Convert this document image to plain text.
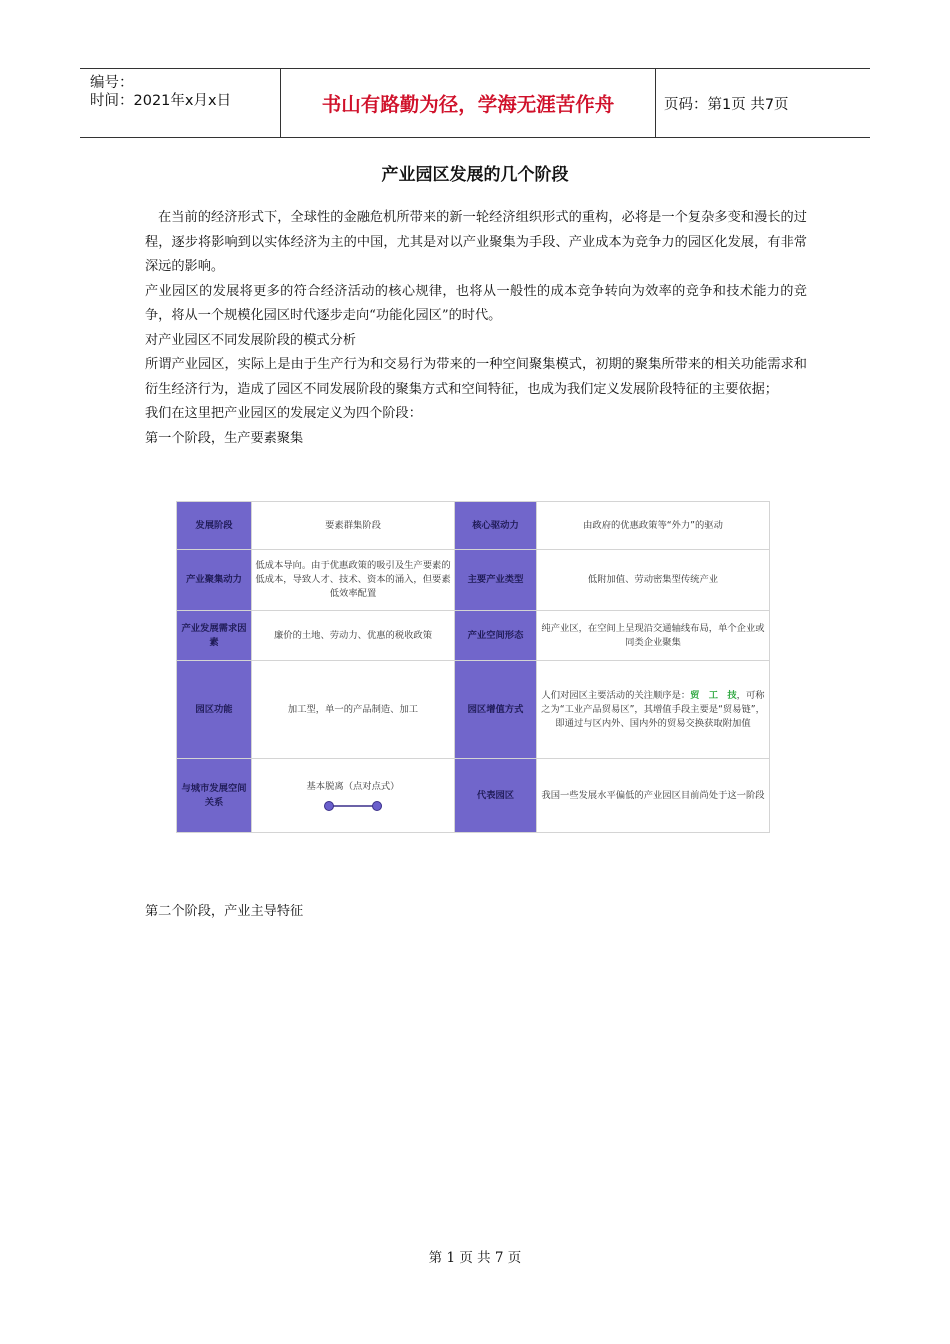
编号：
时间：2021年x月x日	书山有路勤为径，学海无涯苦作舟	页码：第1页 共7页
产业园区发展的几个阶段

在当前的经济形式下，全球性的金融危机所带来的新一轮经济组织形式的重构，必将是一个复杂多变和漫长的过程，逐步将影响到以实体经济为主的中国，尤其是对以产业聚集为手段、产业成本为竞争力的园区化发展，有非常深远的影响。

产业园区的发展将更多的符合经济活动的核心规律，也将从一般性的成本竞争转向为效率的竞争和技术能力的竞争，将从一个规模化园区时代逐步走向“功能化园区”的时代。

对产业园区不同发展阶段的模式分析

所谓产业园区，实际上是由于生产行为和交易行为带来的一种空间聚集模式，初期的聚集所带来的相关功能需求和衍生经济行为，造成了园区不同发展阶段的聚集方式和空间特征，也成为我们定义发展阶段特征的主要依据；

我们在这里把产业园区的发展定义为四个阶段：

第一个阶段，生产要素聚集

发展阶段	要素群集阶段	核心驱动力	由政府的优惠政策等“外力”的驱动
产业聚集动力	低成本导向。由于优惠政策的吸引及生产要素的低成本，导致人才、技术、资本的涌入，但要素低效率配置	主要产业类型	低附加值、劳动密集型传统产业
产业发展需求因素	廉价的土地、劳动力、优惠的税收政策	产业空间形态	纯产业区，在空间上呈现沿交通轴线布局，单个企业或同类企业聚集
园区功能	加工型，单一的产品制造、加工	园区增值方式	人们对园区主要活动的关注顺序是：贸　工　技，可称之为“工业产品贸易区”，其增值手段主要是“贸易链”，即通过与区内外、国内外的贸易交换获取附加值
与城市发展空间关系	基本脱离（点对点式）	代表园区	我国一些发展水平偏低的产业园区目前尚处于这一阶段
第二个阶段，产业主导特征
第 1 页 共 7 页
